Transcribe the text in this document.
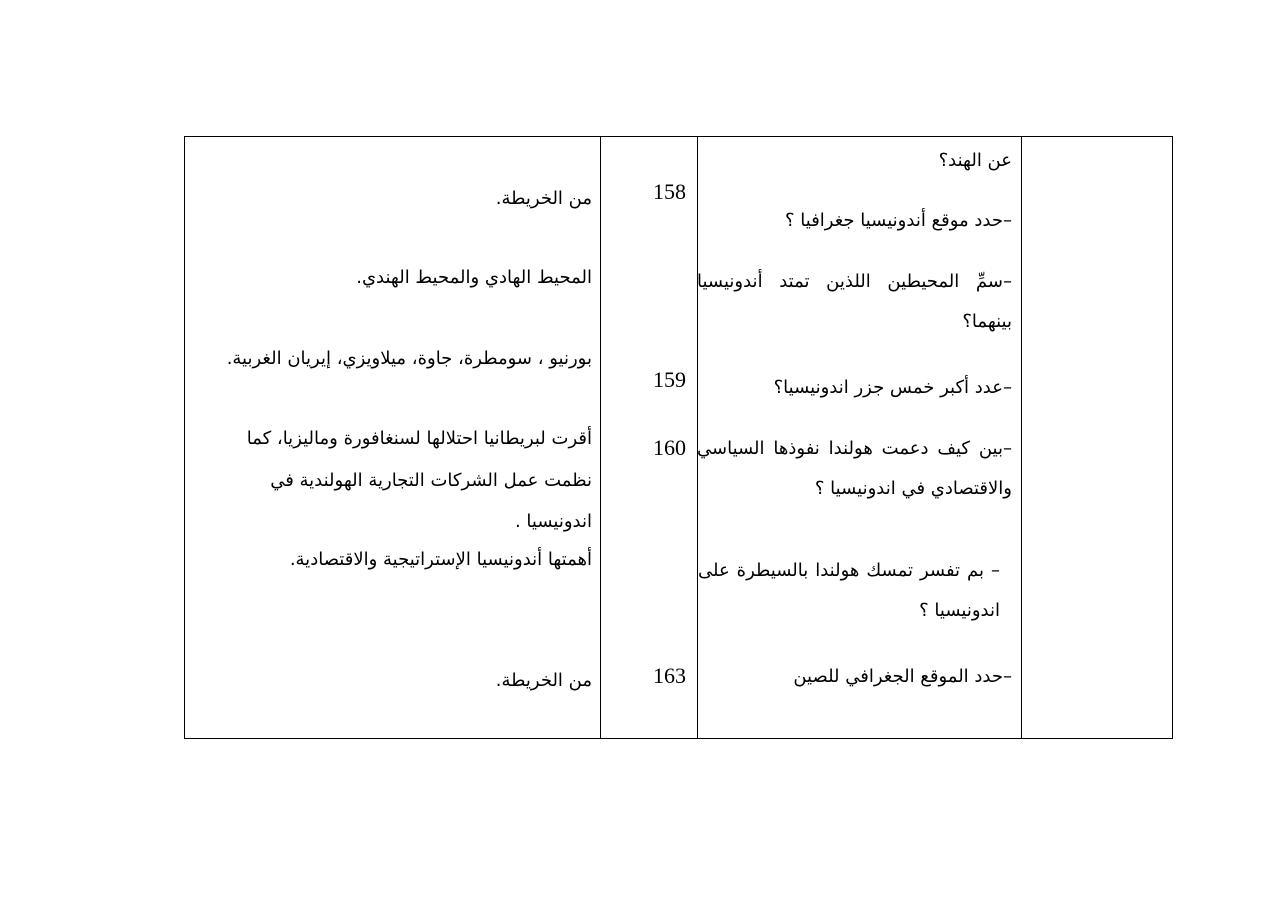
عن الهند؟
–حدد موقع أندونيسيا جغرافيا ؟
–سمِّ المحيطين اللذين تمتد أندونيسيا بينهما؟
–عدد أكبر خمس جزر اندونيسيا؟
–بين كيف دعمت هولندا نفوذها السياسي والاقتصادي في اندونيسيا ؟
– بم تفسر تمسك هولندا بالسيطرة على اندونيسيا ؟
–حدد الموقع الجغرافي للصين
158
159
160
163
من الخريطة.
المحيط الهادي والمحيط الهندي.
بورنيو ، سومطرة، جاوة، ميلاويزي، إيريان الغربية.
أقرت لبريطانيا احتلالها لسنغافورة وماليزيا، كما
نظمت عمل الشركات التجارية الهولندية في
اندونيسيا .
أهمتها أندونيسيا الإستراتيجية والاقتصادية.
من الخريطة.
